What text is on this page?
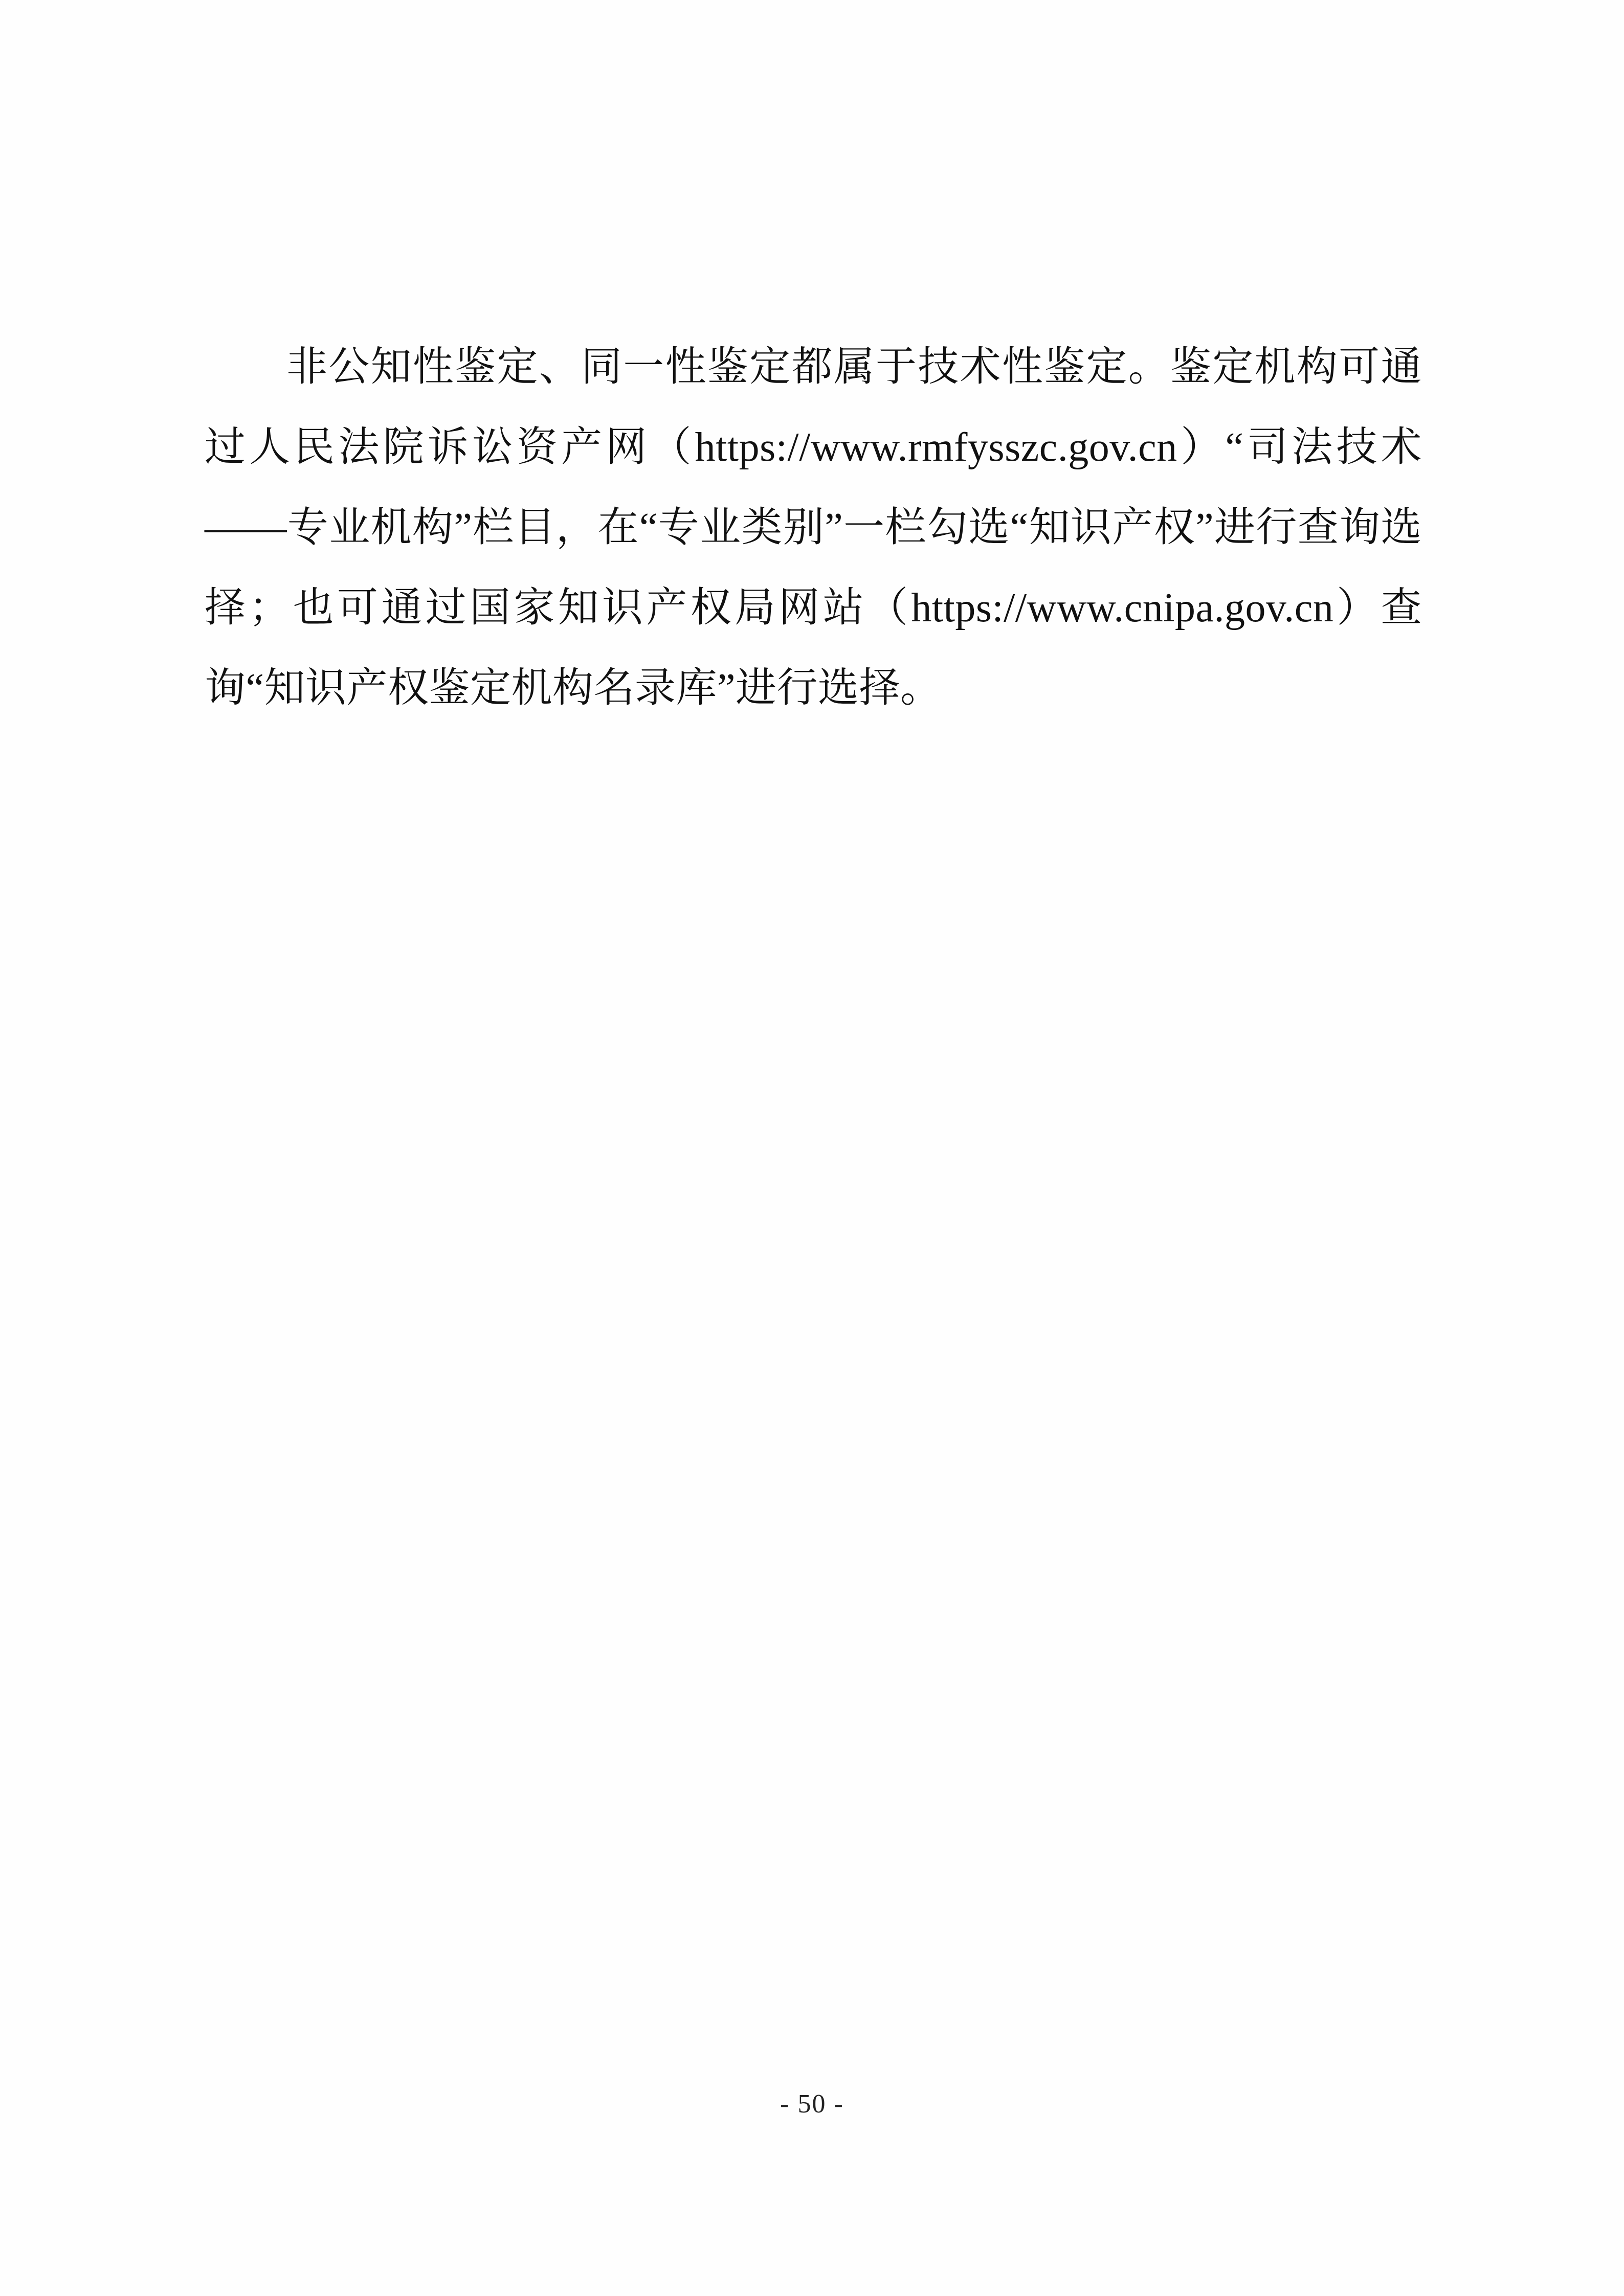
非公知性鉴定、同一性鉴定都属于技术性鉴定。鉴定机构可通过人民法院诉讼资产网（https://www.rmfysszc.gov.cn）“司法技术——专业机构”栏目，在“专业类别”一栏勾选“知识产权”进行查询选择；也可通过国家知识产权局网站（https://www.cnipa.gov.cn）查询“知识产权鉴定机构名录库”进行选择。

- 50 -
